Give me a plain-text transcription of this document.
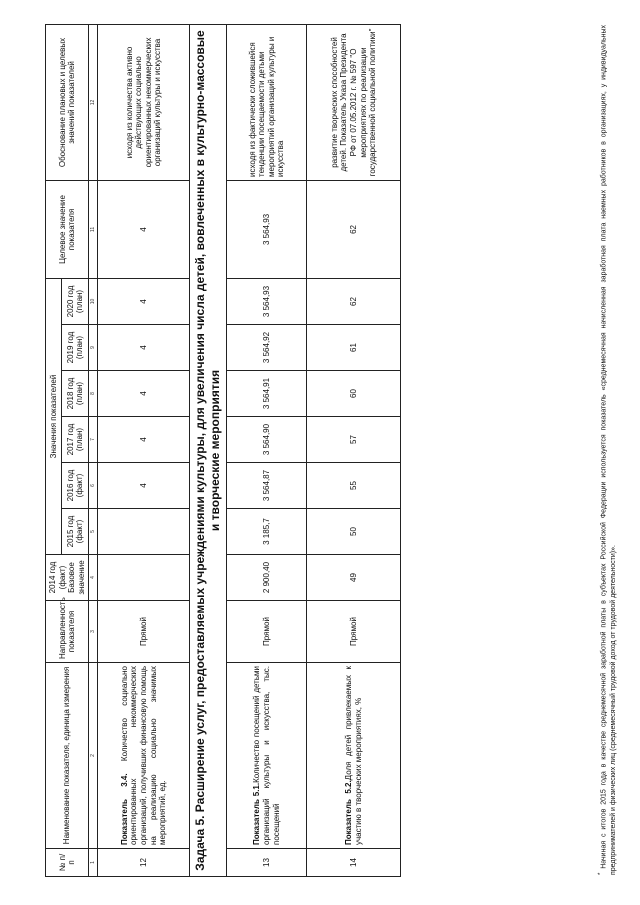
№ п/п	Наименование показателя, единица измерения	Направленность показателя	2014 год (факт) Базовое значение	Значения показателей						Целевое значение показателя	Обоснование плановых и целевых значений показателей
				2015 год (факт)	2016 год (факт)	2017 год (план)	2018 год (план)	2019 год (план)	2020 год (план)		
1	2	3	4	5	6	7	8	9	10	11	12
12	Показатель 3.4. Количество социально ориентированных некоммерческих организаций, получивших финансовую помощь на реализацию социально значимых мероприятий, ед.	Прямой			4	4	4	4	4	4	исходя из количества активно действующих социально ориентированных некоммерческих организаций культуры и искусства
Задача 5. Расширение услуг, предоставляемых учреждениями культуры, для увеличения числа детей, вовлеченных в культурно-массовые и творческие мероприятия											
13	Показатель 5.1.Количество посещений детьми организаций культуры и искусства, тыс. посещений	Прямой	2 900,40	3 185,7	3 564,87	3 564,90	3 564,91	3 564,92	3 564,93	3 564,93	исходя из фактически сложившейся тенденции посещаемости детьми мероприятий организаций культуры и искусства
14	Показатель 5.2.Доля детей привлекаемых к участию в творческих мероприятиях, %	Прямой	49	50	55	57	60	61	62	62	развитие творческих способностей детей. Показатель Указа Президента РФ от 07.05.2012 г. № 597 "О мероприятиях по реализации государственной социальной политики"
* Начиная с итогов 2015 года в качестве среднемесячной заработной платы в субъектах Российской Федерации используется показатель «среднемесячная начисленная заработная плата наемных работников в организациях, у индивидуальных предпринимателей и физических лиц (среднемесячный трудовой доход от трудовой деятельности)».
